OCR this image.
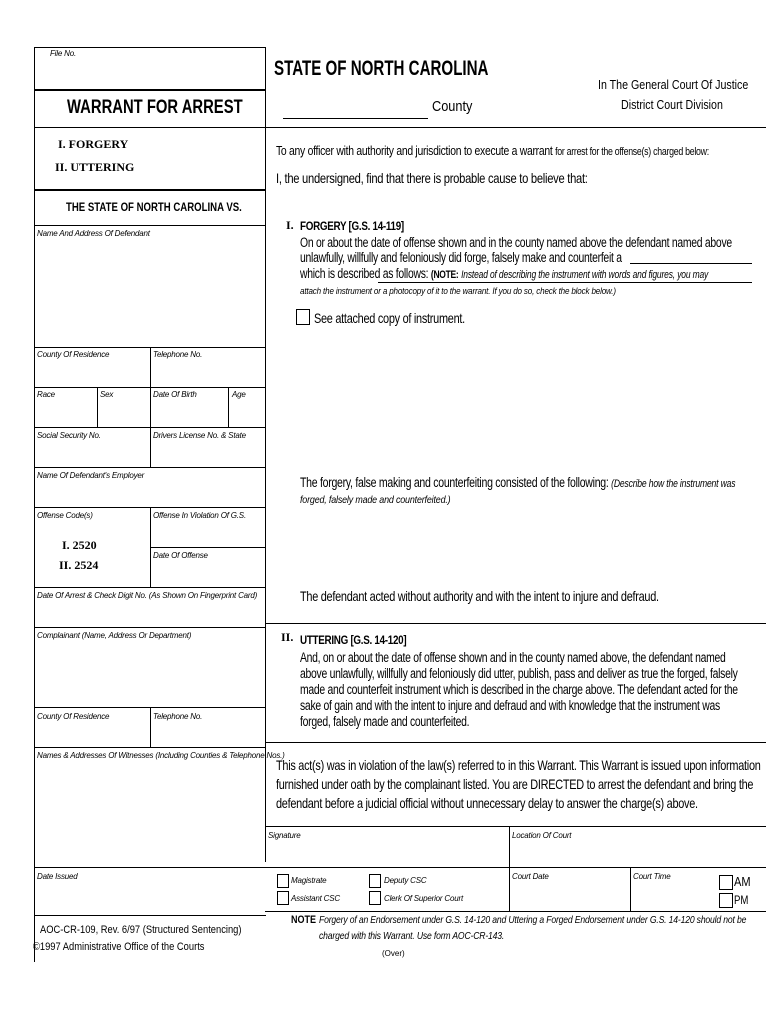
File No.
WARRANT FOR ARREST
I. FORGERY
II. UTTERING
THE STATE OF NORTH CAROLINA VS.
Name And Address Of Defendant
County Of Residence	Telephone No.
Race	Sex	Date Of Birth	Age
Social Security No.	Drivers License No. & State
Name Of Defendant's Employer
Offense Code(s)	Offense In Violation Of G.S.
I. 2520
II. 2524
Date Of Offense
Date Of Arrest & Check Digit No. (As Shown On Fingerprint Card)
Complainant (Name, Address Or Department)
County Of Residence	Telephone No.
Names & Addresses Of Witnesses (Including Counties & Telephone Nos.)
Date Issued
AOC-CR-109, Rev. 6/97 (Structured Sentencing)
©1997 Administrative Office of the Courts
STATE OF NORTH CAROLINA
County
In The General Court Of Justice
District Court Division
To any officer with authority and jurisdiction to execute a warrant for arrest for the offense(s) charged below:
I, the undersigned, find that there is probable cause to believe that:
I. FORGERY [G.S. 14-119]
On or about the date of offense shown and in the county named above the defendant named above
unlawfully, willfully and feloniously did forge, falsely make and counterfeit a
which is described as follows: (NOTE: Instead of describing the instrument with words and figures, you may
attach the instrument or a photocopy of it to the warrant. If you do so, check the block below.)
See attached copy of instrument.
The forgery, false making and counterfeiting consisted of the following: (Describe how the instrument was
forged, falsely made and counterfeited.)
The defendant acted without authority and with the intent to injure and defraud.
II. UTTERING [G.S. 14-120]
And, on or about the date of offense shown and in the county named above, the defendant named
above unlawfully, willfully and feloniously did utter, publish, pass and deliver as true the forged, falsely
made and counterfeit instrument which is described in the charge above. The defendant acted for the
sake of gain and with the intent to injure and defraud and with knowledge that the instrument was
forged, falsely made and counterfeited.
This act(s) was in violation of the law(s) referred to in this Warrant. This Warrant is issued upon information
furnished under oath by the complainant listed. You are DIRECTED to arrest the defendant and bring the
defendant before a judicial official without unnecessary delay to answer the charge(s) above.
Signature	Location Of Court
Magistrate	Deputy CSC
Assistant CSC	Clerk Of Superior Court
Court Date	Court Time	AM
PM
NOTE Forgery of an Endorsement under G.S. 14-120 and Uttering a Forged Endorsement under G.S. 14-120 should not be
charged with this Warrant. Use form AOC-CR-143.
(Over)
